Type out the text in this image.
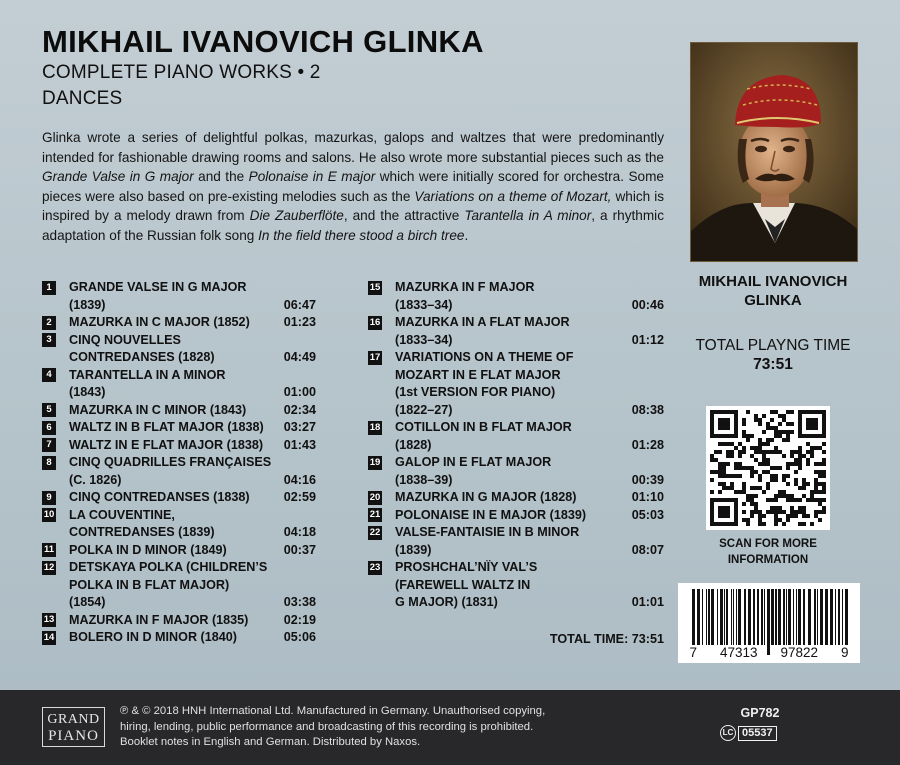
MIKHAIL IVANOVICH GLINKA
COMPLETE PIANO WORKS • 2
DANCES
Glinka wrote a series of delightful polkas, mazurkas, galops and waltzes that were predominantly intended for fashionable drawing rooms and salons. He also wrote more substantial pieces such as the Grande Valse in G major and the Polonaise in E major which were initially scored for orchestra. Some pieces were also based on pre-existing melodies such as the Variations on a theme of Mozart, which is inspired by a melody drawn from Die Zauberflöte, and the attractive Tarantella in A minor, a rhythmic adaptation of the Russian folk song In the field there stood a birch tree.
MIKHAIL IVANOVICH
GLINKA
TOTAL PLAYNG TIME
73:51
1	GRANDE VALSE IN G MAJOR
(1839)	06:47
2	MAZURKA IN C MAJOR (1852)	01:23
3	CINQ NOUVELLES
CONTREDANSES (1828)	04:49
4	TARANTELLA IN A MINOR
(1843)	01:00
5	MAZURKA IN C MINOR (1843)	02:34
6	WALTZ IN B FLAT MAJOR (1838)	03:27
7	WALTZ IN E FLAT MAJOR (1838)	01:43
8	CINQ QUADRILLES FRANÇAISES
(C. 1826)	04:16
9	CINQ CONTREDANSES (1838)	02:59
10 LA COUVENTINE,
CONTREDANSES (1839)	04:18
11 POLKA IN D MINOR (1849)	00:37
12 DETSKAYA POLKA (CHILDREN’S
POLKA IN B FLAT MAJOR)
(1854)	03:38
13 MAZURKA IN F MAJOR (1835)	02:19
14 BOLERO IN D MINOR (1840)	05:06
15 MAZURKA IN F MAJOR
(1833–34)	00:46
16 MAZURKA IN A FLAT MAJOR
(1833–34)	01:12
17 VARIATIONS ON A THEME OF
MOZART IN E FLAT MAJOR
(1st VERSION FOR PIANO)
(1822–27)	08:38
18 COTILLON IN B FLAT MAJOR
(1828)	01:28
19 GALOP IN E FLAT MAJOR
(1838–39)	00:39
20 MAZURKA IN G MAJOR (1828)	01:10
21 POLONAISE IN E MAJOR (1839)	05:03
22 VALSE-FANTAISIE IN B MINOR
(1839)	08:07
23 PROSHCHAL’NÏY VAL’S
(FAREWELL WALTZ IN
G MAJOR) (1831)	01:01
TOTAL TIME: 73:51
SCAN FOR MORE
INFORMATION
7 47313 97822 9
GRAND
PIANO
℗ & © 2018 HNH International Ltd. Manufactured in Germany. Unauthorised copying,
hiring, lending, public performance and broadcasting of this recording is prohibited.
Booklet notes in English and German. Distributed by Naxos.
GP782
LC 05537
